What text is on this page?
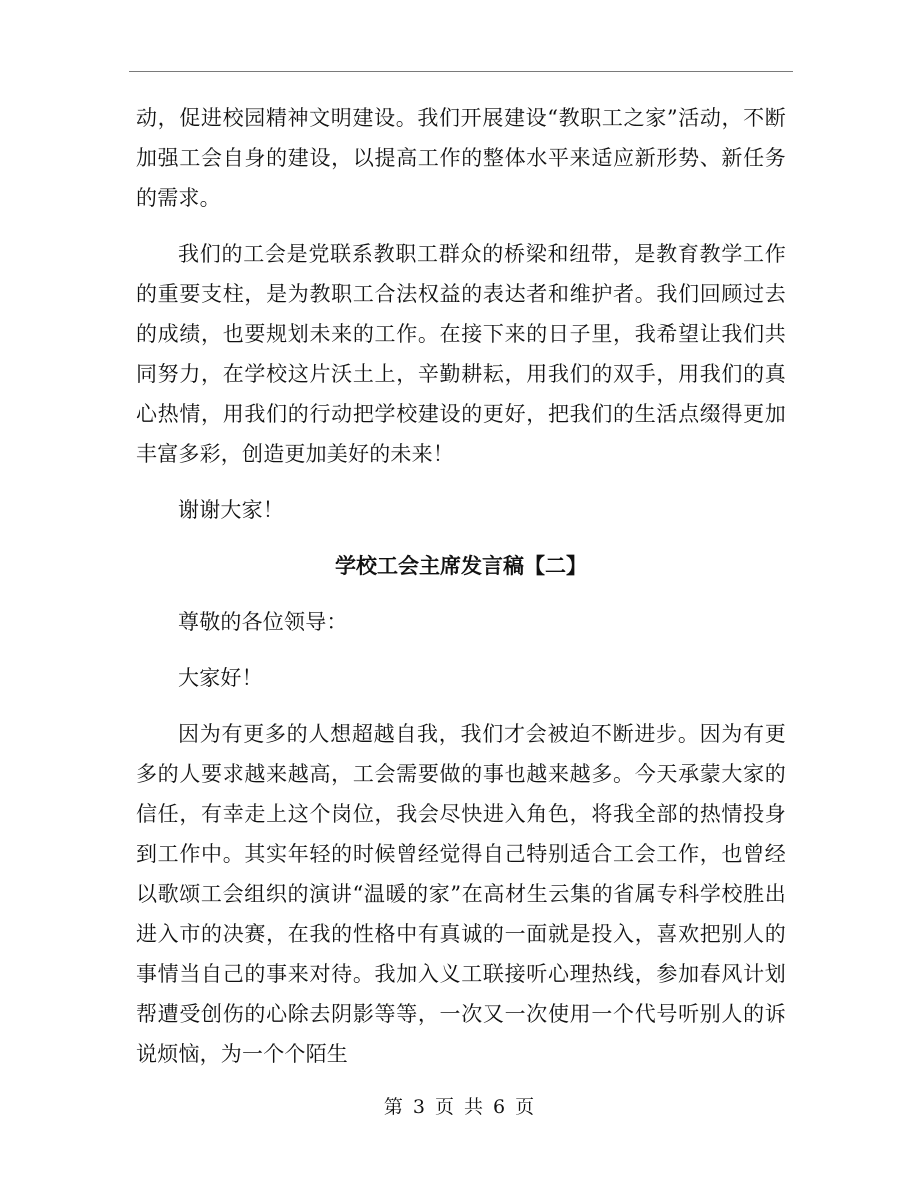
动，促进校园精神文明建设。我们开展建设“教职工之家”活动，不断加强工会自身的建设，以提高工作的整体水平来适应新形势、新任务的需求。

我们的工会是党联系教职工群众的桥梁和纽带，是教育教学工作的重要支柱，是为教职工合法权益的表达者和维护者。我们回顾过去的成绩，也要规划未来的工作。在接下来的日子里，我希望让我们共同努力，在学校这片沃土上，辛勤耕耘，用我们的双手，用我们的真心热情，用我们的行动把学校建设的更好，把我们的生活点缀得更加丰富多彩，创造更加美好的未来！

谢谢大家！

学校工会主席发言稿【二】

尊敬的各位领导：

大家好！

因为有更多的人想超越自我，我们才会被迫不断进步。因为有更多的人要求越来越高，工会需要做的事也越来越多。今天承蒙大家的信任，有幸走上这个岗位，我会尽快进入角色，将我全部的热情投身到工作中。其实年轻的时候曾经觉得自己特别适合工会工作，也曾经以歌颂工会组织的演讲“温暖的家”在高材生云集的省属专科学校胜出进入市的决赛，在我的性格中有真诚的一面就是投入，喜欢把别人的事情当自己的事来对待。我加入义工联接听心理热线，参加春风计划帮遭受创伤的心除去阴影等等，一次又一次使用一个代号听别人的诉说烦恼，为一个个陌生

第 3 页 共 6 页
